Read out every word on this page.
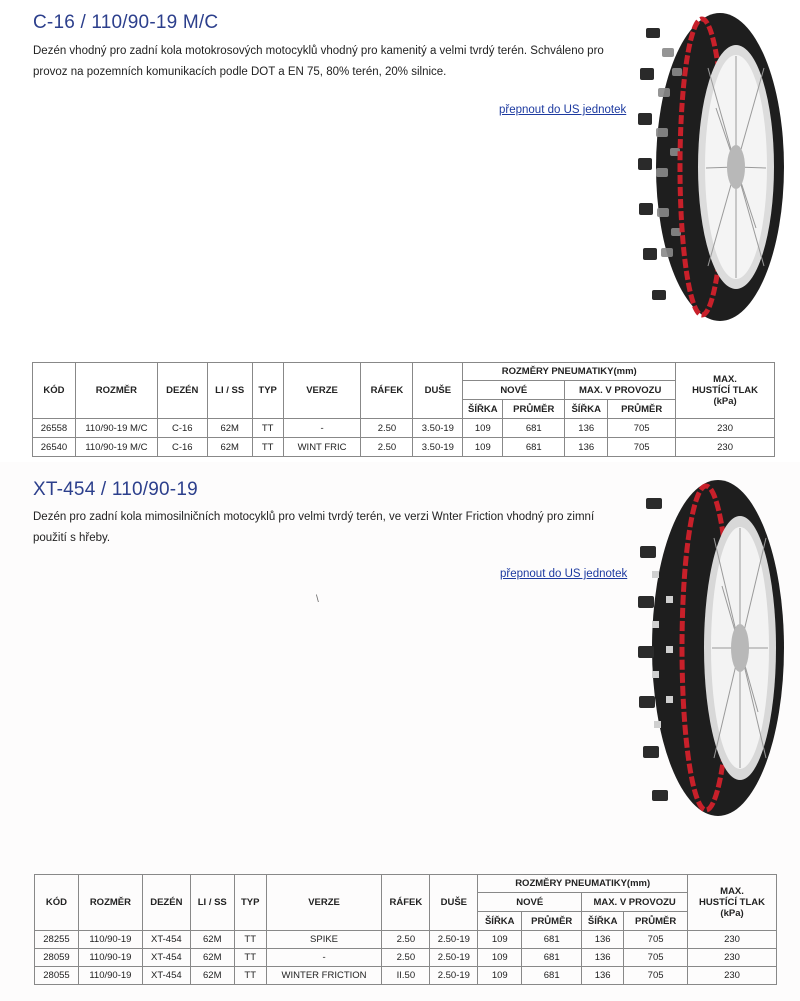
C-16 / 110/90-19 M/C
Dezén vhodný pro zadní kola motokrosových motocyklů vhodný pro kamenitý a velmi tvrdý terén. Schváleno pro
provoz na pozemních komunikacích podle DOT a EN 75, 80% terén, 20% silnice.
přepnout do US jednotek
KÓD	ROZMĚR	DEZÉN	LI / SS	TYP	VERZE	RÁFEK	DUŠE	ROZMĚRY PNEUMATIKY(mm)				MAX.
HUSTÍCÍ TLAK
(kPa)

								NOVÉ		MAX. V PROVOZU		
								ŠÍŘKA	PRŮMĚR	ŠÍŘKA	PRŮMĚR	
26558	110/90-19 M/C	C-16	62M	TT	-	2.50	3.50-19	109	681	136	705	230
26540	110/90-19 M/C	C-16	62M	TT	WINT FRIC	2.50	3.50-19	109	681	136	705	230
XT-454 / 110/90-19
Dezén pro zadní kola mimosilničních motocyklů pro velmi tvrdý terén, ve verzi Wnter Friction vhodný pro zimní
použití s hřeby.
přepnout do US jednotek
\
KÓD	ROZMĚR	DEZÉN	LI / SS	TYP	VERZE	RÁFEK	DUŠE	ROZMĚRY PNEUMATIKY(mm)				MAX.
HUSTÍCÍ TLAK
(kPa)

								NOVÉ		MAX. V PROVOZU		
								ŠÍŘKA	PRŮMĚR	ŠÍŘKA	PRŮMĚR	
28255	110/90-19	XT-454	62M	TT	SPIKE	2.50	2.50-19	109	681	136	705	230
28059	110/90-19	XT-454	62M	TT	-	2.50	2.50-19	109	681	136	705	230
28055	110/90-19	XT-454	62M	TT	WINTER FRICTION	II.50	2.50-19	109	681	136	705	230
